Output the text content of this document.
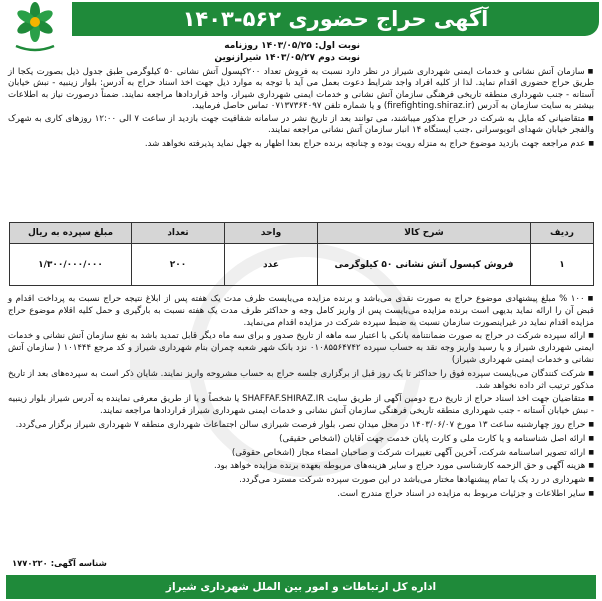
آگهی حراج حضوری ۵۶۲-۱۴۰۳
نوبت اول: ۱۴۰۳/۰۵/۲۵ روزنامه
نوبت دوم ۱۴۰۳/۰۵/۲۷ شیرازنوین

■ سازمان آتش نشانی و خدمات ایمنی شهرداری شیراز در نظر دارد نسبت به فروش تعداد ۲۰۰کپسول آتش نشانی ۵۰ کیلوگرمی طبق جدول ذیل بصورت یکجا از طریق حراج حضوری اقدام نماید. لذا از کلیه افراد واجد شرایط دعوت بعمل می آید با توجه به موارد ذیل جهت اخذ اسناد حراج به آدرس: بلوار زینبیه - نبش خیابان آستانه - جنب شهرداری منطقه تاریخی فرهنگی سازمان آتش نشانی و خدمات ایمنی شهرداری شیراز، واحد قراردادها مراجعه نمایند. ضمناً درصورت نیاز به اطلاعات بیشتر به سایت سازمان به آدرس (firefighting.shiraz.ir) و یا شماره تلفن ۰۷۱۳۷۳۶۴۰۹۷ تماس حاصل فرمایید.

■ متقاضیانی که مایل به شرکت در حراج مذکور میباشند، می توانند بعد از تاریخ نشر در سامانه شفافیت جهت بازدید از ساعت ۷ الی ۱۲:۰۰ روزهای کاری به شهرک والفجر خیابان شهدای اتوبوسرانی ،جنب ایستگاه ۱۴ انبار سازمان آتش نشانی مراجعه نمایند.

■ عدم مراجعه جهت بازدید موضوع حراج به منزله رویت بوده و چنانچه برنده حراج بعدا اظهار به جهل نماید پذیرفته نخواهد شد.

ردیف	شرح کالا	واحد	تعداد	مبلغ سپرده به ریال
۱	فروش کپسول آتش نشانی ۵۰ کیلوگرمی	عدد	۲۰۰	۱/۳۰۰/۰۰۰/۰۰۰

■ ۱۰۰ % مبلغ پیشنهادی موضوع حراج به صورت نقدی می‌باشد و برنده مزایده می‌بایست ظرف مدت یک هفته پس از ابلاغ نتیجه حراج نسبت به پرداخت اقدام و قبض آن را ارائه نماید بدیهی است برنده مزایده می‌بایست پس از واریز کامل وجه و حداکثر ظرف مدت یک هفته نسبت به بارگیری و حمل کلیه اقلام موضوع حراج مزایده اقدام نماید در غیراینصورت سازمان نسبت به ضبط سپرده شرکت در مزایده اقدام می‌نماید.

■ ارائه سپرده شرکت در حراج به صورت ضمانتنامه بانکی با اعتبار سه ماهه از تاریخ صدور و برای سه ماه دیگر قابل تمدید باشد به نفع سازمان آتش نشانی و خدمات ایمنی شهرداری شیراز و یا رسید واریز وجه نقد به حساب سپرده ۰۱۰۸۵۵۶۴۷۴۲ نزد بانک شهر شعبه چمران بنام شهرداری شیراز و کد مرجع ۱۰۱۴۴۴ ( سازمان آتش نشانی و خدمات ایمنی شهرداری شیراز)

■ شرکت کنندگان می‌بایست سپرده فوق را حداکثر تا یک روز قبل از برگزاری جلسه حراج به حساب مشروحه واریز نمایند. شایان ذکر است به سپرده‌های بعد از تاریخ مذکور ترتیب اثر داده نخواهد شد.

■ متقاضیان جهت اخذ اسناد حراج از تاریخ درج دومین آگهی از طریق سایت SHAFFAF.SHIRAZ.IR یا شخصاً و یا از طریق معرفی نماینده به آدرس شیراز بلوار زینبیه - نبش خیابان آستانه - جنب شهرداری منطقه تاریخی فرهنگی سازمان آتش نشانی و خدمات ایمنی شهرداری شیراز قراردادها مراجعه نمایند.

■ حراج روز چهارشنبه ساعت ۱۳ مورخ ۱۴۰۳/۰۶/۰۷ در محل میدان نصر، بلوار فرصت شیرازی سالن اجتماعات شهرداری منطقه ۷ شهرداری شیراز برگزار می‌گردد.

■ ارائه اصل شناسنامه و یا کارت ملی و کارت پایان خدمت جهت آقایان (اشخاص حقیقی)

■ ارائه تصویر اساسنامه شرکت، آخرین آگهی تغییرات شرکت و صاحبان امضاء مجاز (اشخاص حقوقی)

■ هزینه آگهی و حق الزحمه کارشناسی مورد حراج و سایر هزینه‌های مربوطه بعهده برنده مزایده خواهد بود.

■ شهرداری در رد یک یا تمام پیشنهادها مختار می‌باشد در این صورت سپرده شرکت مسترد می‌گردد.

■ سایر اطلاعات و جزئیات مربوط به مزایده در اسناد حراج مندرج است.

شناسه آگهی: ۱۷۷۰۲۲۰
اداره کل ارتباطات و امور بین الملل شهرداری شیراز
